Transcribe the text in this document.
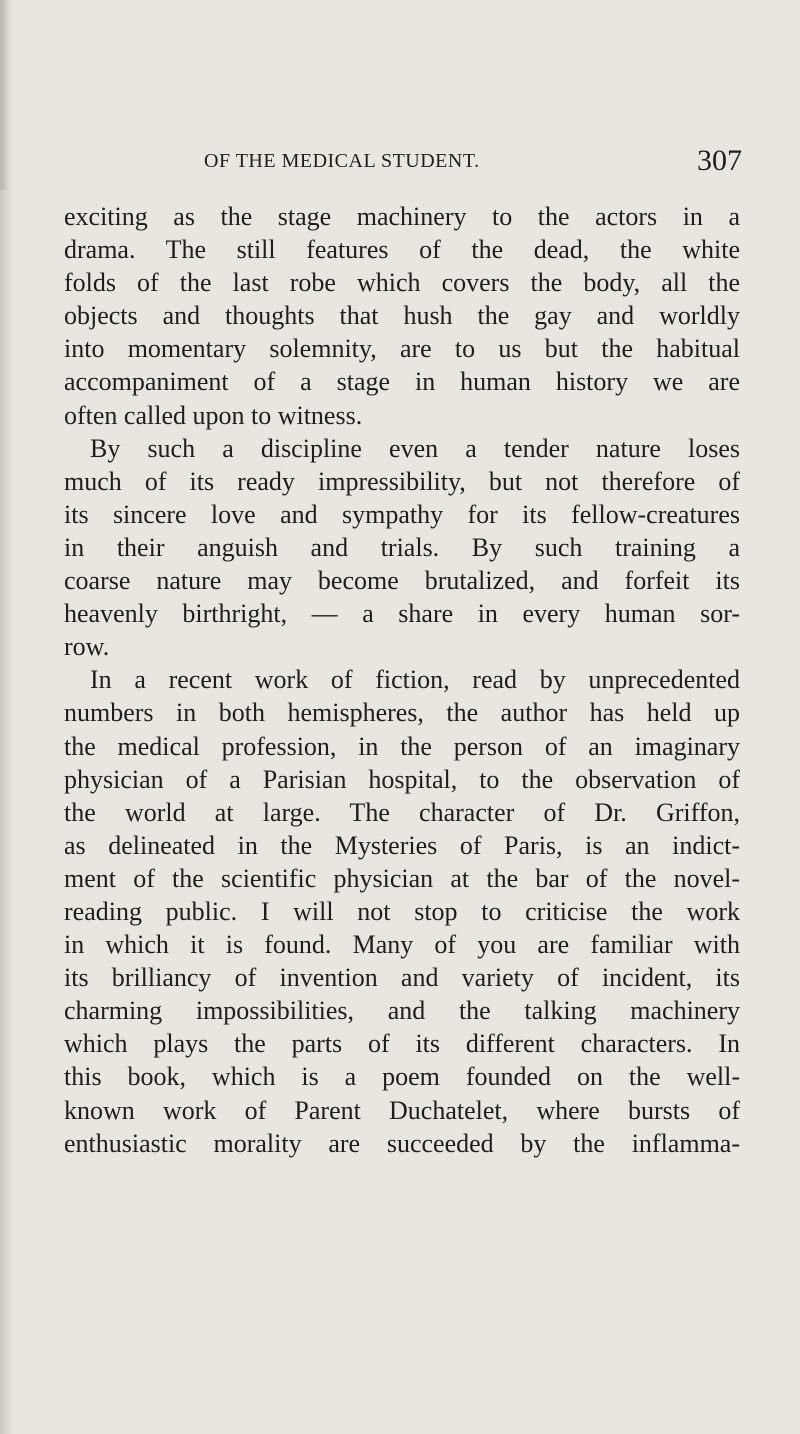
OF THE MEDICAL STUDENT.	307
exciting as the stage machinery to the actors in a
drama. The still features of the dead, the white
folds of the last robe which covers the body, all the
objects and thoughts that hush the gay and worldly
into momentary solemnity, are to us but the habitual
accompaniment of a stage in human history we are
often called upon to witness.
By such a discipline even a tender nature loses
much of its ready impressibility, but not therefore of
its sincere love and sympathy for its fellow-creatures
in their anguish and trials. By such training a
coarse nature may become brutalized, and forfeit its
heavenly birthright, — a share in every human sor-
row.
In a recent work of fiction, read by unprecedented
numbers in both hemispheres, the author has held up
the medical profession, in the person of an imaginary
physician of a Parisian hospital, to the observation of
the world at large. The character of Dr. Griffon,
as delineated in the Mysteries of Paris, is an indict-
ment of the scientific physician at the bar of the novel-
reading public. I will not stop to criticise the work
in which it is found. Many of you are familiar with
its brilliancy of invention and variety of incident, its
charming impossibilities, and the talking machinery
which plays the parts of its different characters. In
this book, which is a poem founded on the well-
known work of Parent Duchatelet, where bursts of
enthusiastic morality are succeeded by the inflamma-
